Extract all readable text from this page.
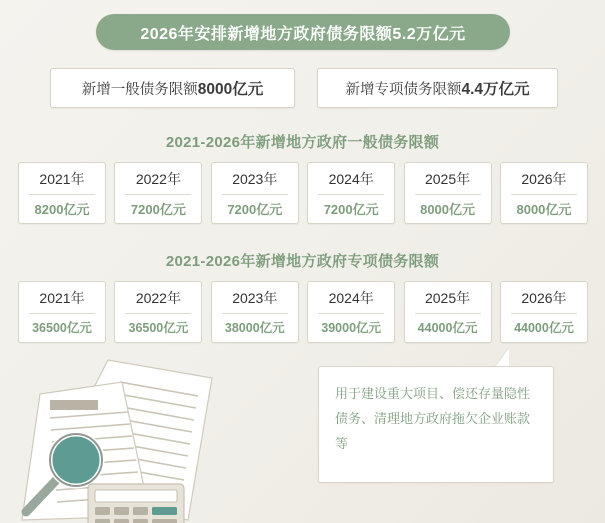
2026年安排新增地方政府债务限额5.2万亿元
新增一般债务限额 8000亿元	新增专项债务限额 4.4万亿元
2021-2026年新增地方政府一般债务限额
2021年
8200亿元
2022年
7200亿元
2023年
7200亿元
2024年
7200亿元
2025年
8000亿元
2026年
8000亿元
2021-2026年新增地方政府专项债务限额
2021年
36500亿元
2022年
36500亿元
2023年
38000亿元
2024年
39000亿元
2025年
44000亿元
2026年
44000亿元
用于建设重大项目、偿还存量隐性债务、清理地方政府拖欠企业账款等
